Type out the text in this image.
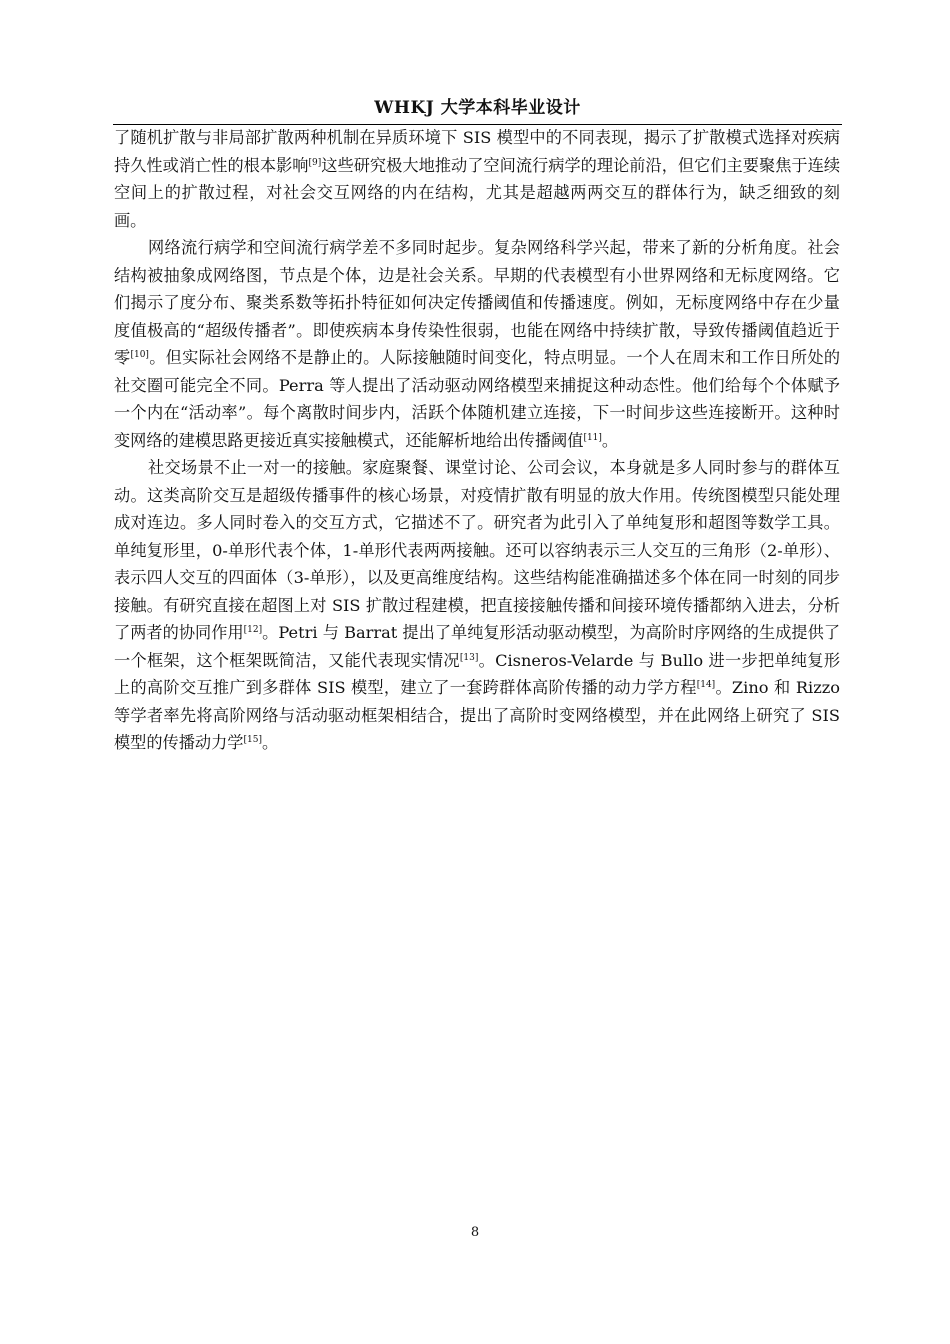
WHKJ 大学本科毕业设计

了随机扩散与非局部扩散两种机制在异质环境下 SIS 模型中的不同表现，揭示了扩散模式选择对疾病持久性或消亡性的根本影响[9]这些研究极大地推动了空间流行病学的理论前沿，但它们主要聚焦于连续空间上的扩散过程，对社会交互网络的内在结构，尤其是超越两两交互的群体行为，缺乏细致的刻画。

网络流行病学和空间流行病学差不多同时起步。复杂网络科学兴起，带来了新的分析角度。社会结构被抽象成网络图，节点是个体，边是社会关系。早期的代表模型有小世界网络和无标度网络。它们揭示了度分布、聚类系数等拓扑特征如何决定传播阈值和传播速度。例如，无标度网络中存在少量度值极高的“超级传播者”。即使疾病本身传染性很弱，也能在网络中持续扩散，导致传播阈值趋近于零[10]。但实际社会网络不是静止的。人际接触随时间变化，特点明显。一个人在周末和工作日所处的社交圈可能完全不同。Perra 等人提出了活动驱动网络模型来捕捉这种动态性。他们给每个个体赋予一个内在“活动率”。每个离散时间步内，活跃个体随机建立连接，下一时间步这些连接断开。这种时变网络的建模思路更接近真实接触模式，还能解析地给出传播阈值[11]。

社交场景不止一对一的接触。家庭聚餐、课堂讨论、公司会议，本身就是多人同时参与的群体互动。这类高阶交互是超级传播事件的核心场景，对疫情扩散有明显的放大作用。传统图模型只能处理成对连边。多人同时卷入的交互方式，它描述不了。研究者为此引入了单纯复形和超图等数学工具。单纯复形里，0-单形代表个体，1-单形代表两两接触。还可以容纳表示三人交互的三角形（2-单形）、表示四人交互的四面体（3-单形），以及更高维度结构。这些结构能准确描述多个体在同一时刻的同步接触。有研究直接在超图上对 SIS 扩散过程建模，把直接接触传播和间接环境传播都纳入进去，分析了两者的协同作用[12]。Petri 与 Barrat 提出了单纯复形活动驱动模型，为高阶时序网络的生成提供了一个框架，这个框架既简洁，又能代表现实情况[13]。Cisneros-Velarde 与 Bullo 进一步把单纯复形上的高阶交互推广到多群体 SIS 模型，建立了一套跨群体高阶传播的动力学方程[14]。Zino 和 Rizzo 等学者率先将高阶网络与活动驱动框架相结合，提出了高阶时变网络模型，并在此网络上研究了 SIS 模型的传播动力学[15]。

8
